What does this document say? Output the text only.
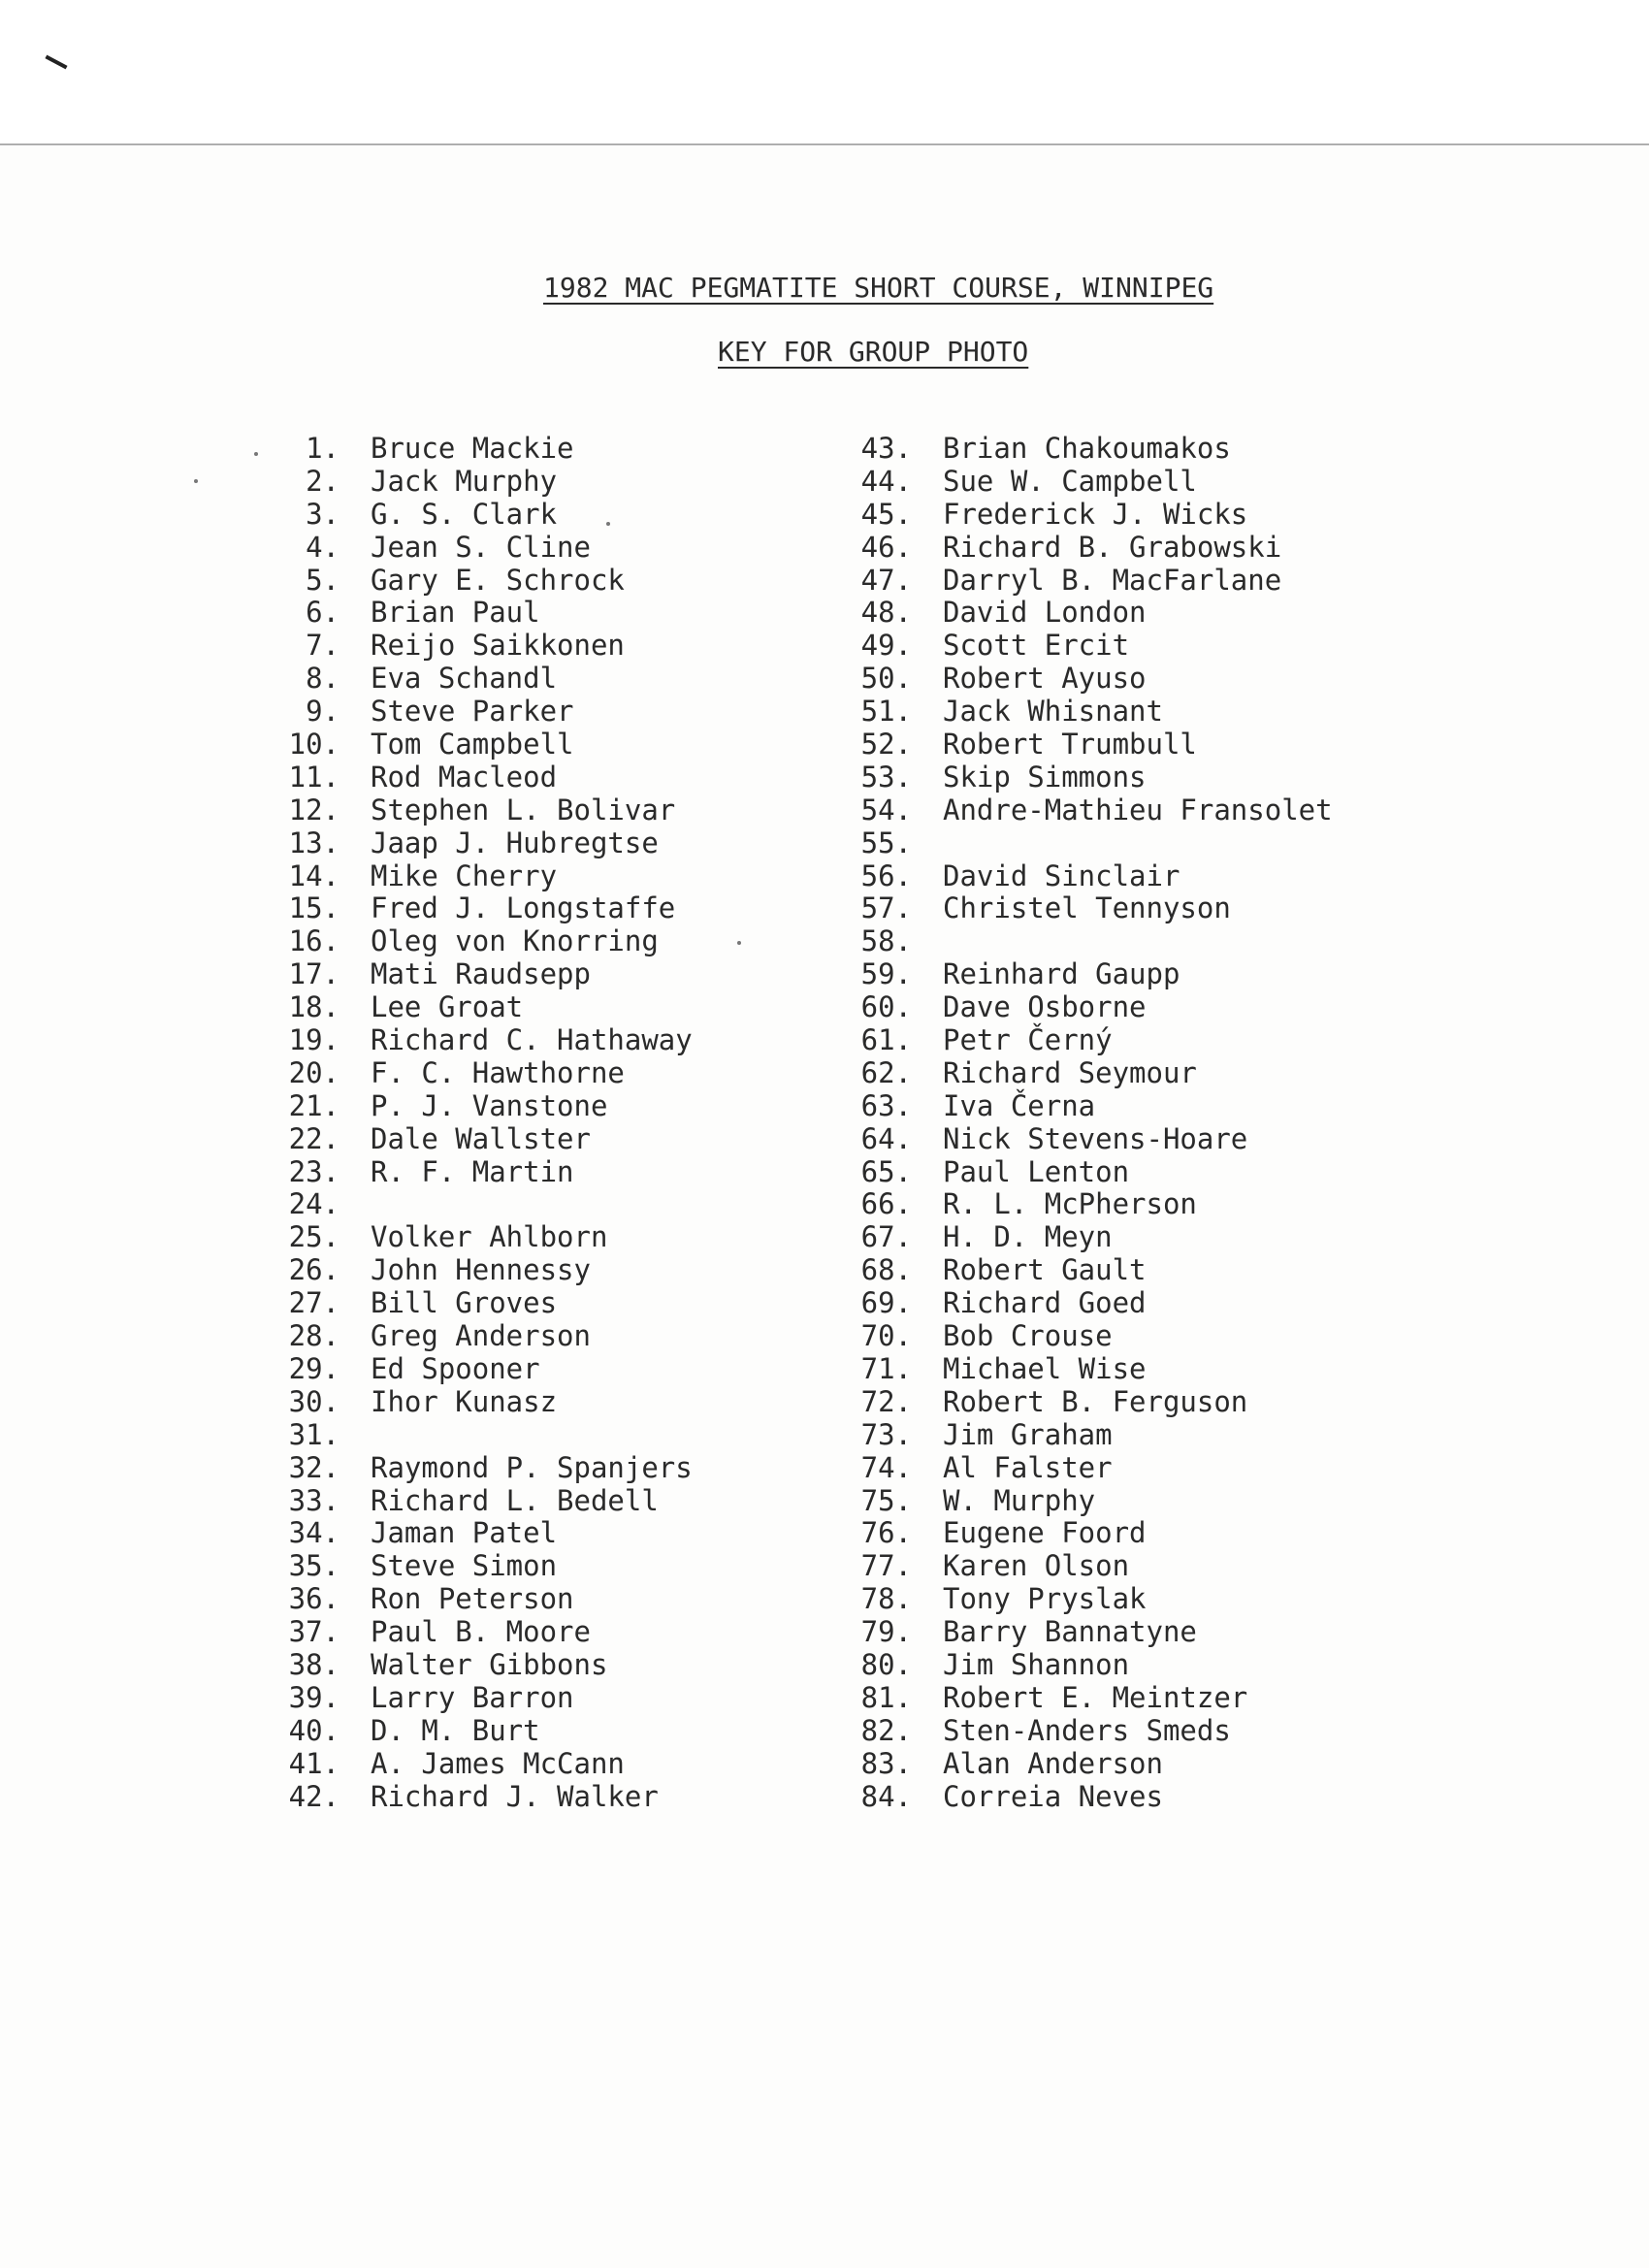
1982 MAC PEGMATITE SHORT COURSE, WINNIPEG
KEY FOR GROUP PHOTO
1. Bruce Mackie
2. Jack Murphy
3. G. S. Clark
4. Jean S. Cline
5. Gary E. Schrock
6. Brian Paul
7. Reijo Saikkonen
8. Eva Schandl
9. Steve Parker
10. Tom Campbell
11. Rod Macleod
12. Stephen L. Bolivar
13. Jaap J. Hubregtse
14. Mike Cherry
15. Fred J. Longstaffe
16. Oleg von Knorring
17. Mati Raudsepp
18. Lee Groat
19. Richard C. Hathaway
20. F. C. Hawthorne
21. P. J. Vanstone
22. Dale Wallster
23. R. F. Martin
24.
25. Volker Ahlborn
26. John Hennessy
27. Bill Groves
28. Greg Anderson
29. Ed Spooner
30. Ihor Kunasz
31.
32. Raymond P. Spanjers
33. Richard L. Bedell
34. Jaman Patel
35. Steve Simon
36. Ron Peterson
37. Paul B. Moore
38. Walter Gibbons
39. Larry Barron
40. D. M. Burt
41. A. James McCann
42. Richard J. Walker
43. Brian Chakoumakos
44. Sue W. Campbell
45. Frederick J. Wicks
46. Richard B. Grabowski
47. Darryl B. MacFarlane
48. David London
49. Scott Ercit
50. Robert Ayuso
51. Jack Whisnant
52. Robert Trumbull
53. Skip Simmons
54. Andre-Mathieu Fransolet
55.
56. David Sinclair
57. Christel Tennyson
58.
59. Reinhard Gaupp
60. Dave Osborne
61. Petr Černý
62. Richard Seymour
63. Iva Černa
64. Nick Stevens-Hoare
65. Paul Lenton
66. R. L. McPherson
67. H. D. Meyn
68. Robert Gault
69. Richard Goed
70. Bob Crouse
71. Michael Wise
72. Robert B. Ferguson
73. Jim Graham
74. Al Falster
75. W. Murphy
76. Eugene Foord
77. Karen Olson
78. Tony Pryslak
79. Barry Bannatyne
80. Jim Shannon
81. Robert E. Meintzer
82. Sten-Anders Smeds
83. Alan Anderson
84. Correia Neves
